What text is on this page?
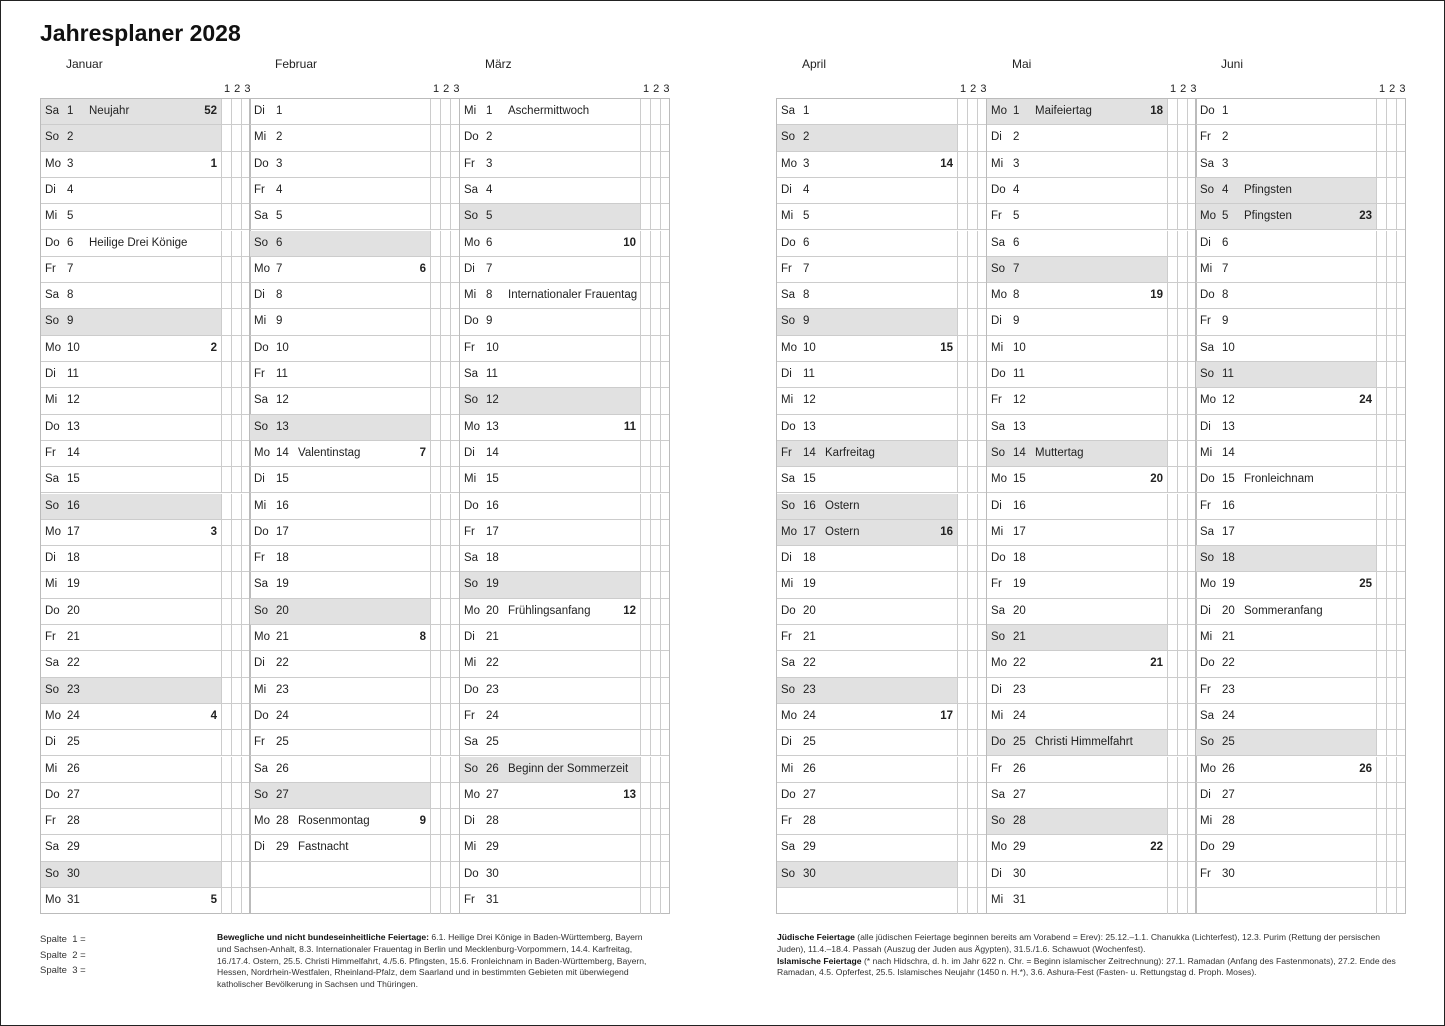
Jahresplaner 2028
Januar
1 2 3
Sa 1 Neujahr	52
So 2
Mo 3	1
Di 4
Mi 5
Do 6 Heilige Drei Könige
Fr 7
Sa 8
So 9
Mo 10	2
Di 11
Mi 12
Do 13
Fr 14
Sa 15
So 16
Mo 17	3
Di 18
Mi 19
Do 20
Fr 21
Sa 22
So 23
Mo 24	4
Di 25
Mi 26
Do 27
Fr 28
Sa 29
So 30
Mo 31	5
Februar
1 2 3
Di 1
Mi 2
Do 3
Fr 4
Sa 5
So 6
Mo 7	6
Di 8
Mi 9
Do 10
Fr 11
Sa 12
So 13
Mo 14 Valentinstag	7
Di 15
Mi 16
Do 17
Fr 18
Sa 19
So 20
Mo 21	8
Di 22
Mi 23
Do 24
Fr 25
Sa 26
So 27
Mo 28 Rosenmontag	9
Di 29 Fastnacht
März
1 2 3
Mi 1 Aschermittwoch
Do 2
Fr 3
Sa 4
So 5
Mo 6	10
Di 7
Mi 8 Internationaler Frauentag
Do 9
Fr 10
Sa 11
So 12
Mo 13	11
Di 14
Mi 15
Do 16
Fr 17
Sa 18
So 19
Mo 20 Frühlingsanfang	12
Di 21
Mi 22
Do 23
Fr 24
Sa 25
So 26 Beginn der Sommerzeit
Mo 27	13
Di 28
Mi 29
Do 30
Fr 31
April
1 2 3
Sa 1
So 2
Mo 3	14
Di 4
Mi 5
Do 6
Fr 7
Sa 8
So 9
Mo 10	15
Di 11
Mi 12
Do 13
Fr 14 Karfreitag
Sa 15
So 16 Ostern
Mo 17 Ostern	16
Di 18
Mi 19
Do 20
Fr 21
Sa 22
So 23
Mo 24	17
Di 25
Mi 26
Do 27
Fr 28
Sa 29
So 30
Mai
1 2 3
Mo 1 Maifeiertag	18
Di 2
Mi 3
Do 4
Fr 5
Sa 6
So 7
Mo 8	19
Di 9
Mi 10
Do 11
Fr 12
Sa 13
So 14 Muttertag
Mo 15	20
Di 16
Mi 17
Do 18
Fr 19
Sa 20
So 21
Mo 22	21
Di 23
Mi 24
Do 25 Christi Himmelfahrt
Fr 26
Sa 27
So 28
Mo 29	22
Di 30
Mi 31
Juni
1 2 3
Do 1
Fr 2
Sa 3
So 4 Pfingsten
Mo 5 Pfingsten	23
Di 6
Mi 7
Do 8
Fr 9
Sa 10
So 11
Mo 12	24
Di 13
Mi 14
Do 15 Fronleichnam
Fr 16
Sa 17
So 18
Mo 19	25
Di 20 Sommeranfang
Mi 21
Do 22
Fr 23
Sa 24
So 25
Mo 26	26
Di 27
Mi 28
Do 29
Fr 30
Spalte  1 =
Spalte  2 =
Spalte  3 =
Bewegliche und nicht bundeseinheitliche Feiertage: 6.1. Heilige Drei Könige in Baden-Württemberg, Bayern und Sachsen-Anhalt, 8.3. Internationaler Frauentag in Berlin und Mecklenburg-Vorpommern, 14.4. Karfreitag, 16./17.4. Ostern, 25.5. Christi Himmelfahrt, 4./5.6. Pfingsten, 15.6. Fronleichnam in Baden-Württemberg, Bayern, Hessen, Nordrhein-Westfalen, Rheinland-Pfalz, dem Saarland und in bestimmten Gebieten mit überwiegend katholischer Bevölkerung in Sachsen und Thüringen.
Jüdische Feiertage (alle jüdischen Feiertage beginnen bereits am Vorabend = Erev): 25.12.–1.1. Chanukka (Lichterfest), 12.3. Purim (Rettung der persischen Juden), 11.4.–18.4. Passah (Auszug der Juden aus Ägypten), 31.5./1.6. Schawuot (Wochenfest).
Islamische Feiertage (* nach Hidschra, d. h. im Jahr 622 n. Chr. = Beginn islamischer Zeitrechnung): 27.1. Ramadan (Anfang des Fastenmonats), 27.2. Ende des Ramadan, 4.5. Opferfest, 25.5. Islamisches Neujahr (1450 n. H.*), 3.6. Ashura-Fest (Fasten- u. Rettungstag d. Proph. Moses).
